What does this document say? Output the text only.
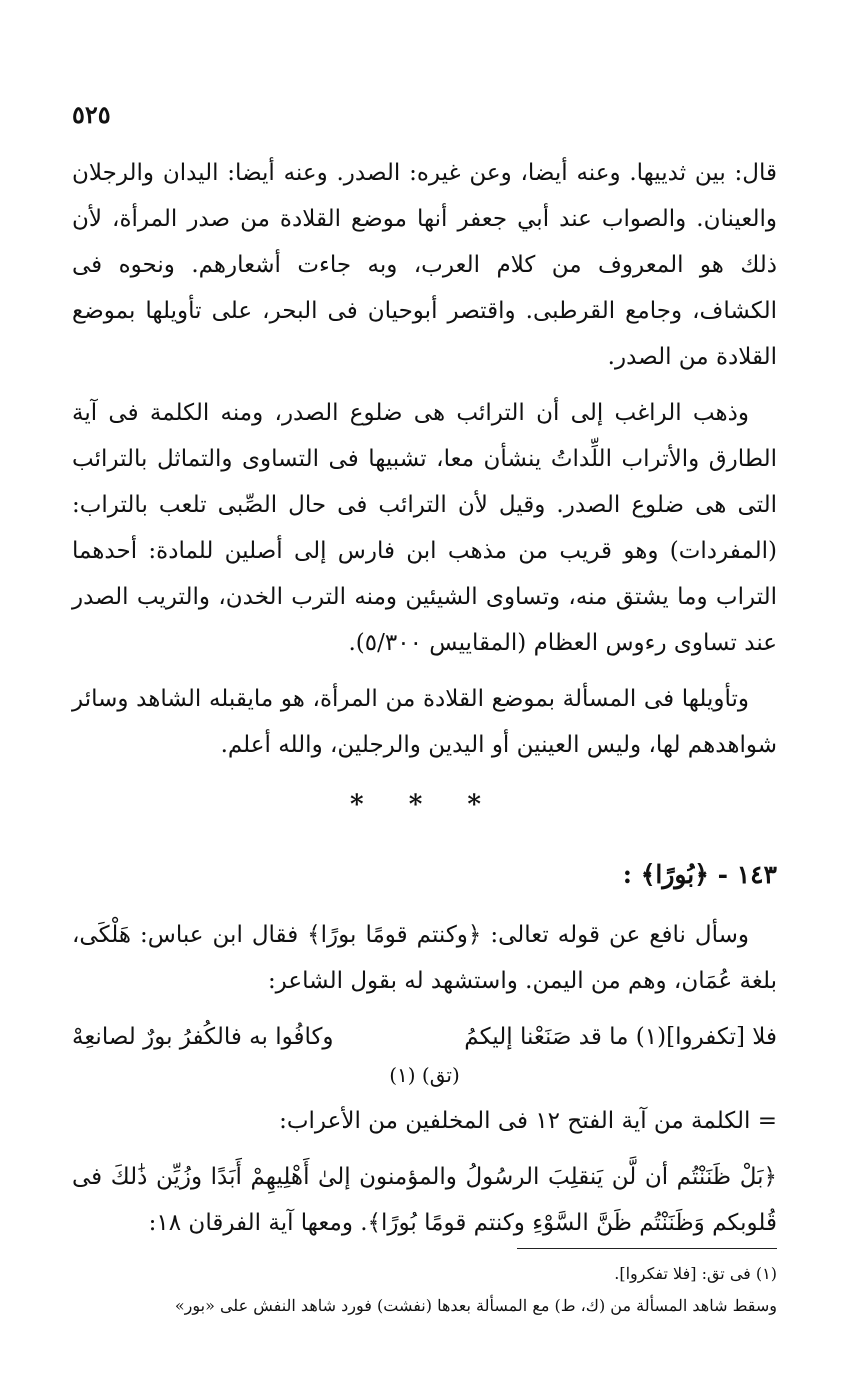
٥٢٥

قال: بين ثدييها. وعنه أيضا، وعن غيره: الصدر. وعنه أيضا: اليدان والرجلان والعينان. والصواب عند أبي جعفر أنها موضع القلادة من صدر المرأة، لأن ذلك هو المعروف من كلام العرب، وبه جاءت أشعارهم. ونحوه فى الكشاف، وجامع القرطبى. واقتصر أبوحيان فى البحر، على تأويلها بموضع القلادة من الصدر.

وذهب الراغب إلى أن الترائب هى ضلوع الصدر، ومنه الكلمة فى آية الطارق والأتراب اللِّداتُ ينشأن معا، تشبيها فى التساوى والتماثل بالترائب التى هى ضلوع الصدر. وقيل لأن الترائب فى حال الصِّبى تلعب بالتراب: (المفردات) وهو قريب من مذهب ابن فارس إلى أصلين للمادة: أحدهما التراب وما يشتق منه، وتساوى الشيئين ومنه الترب الخدن، والتريب الصدر عند تساوى رءوس العظام (المقاييس ٥/٣٠٠).

وتأويلها فى المسألة بموضع القلادة من المرأة، هو مايقبله الشاهد وسائر شواهدهم لها، وليس العينين أو اليدين والرجلين، والله أعلم.

* * *
١٤٣ - ﴿بُورًا﴾ :

وسأل نافع عن قوله تعالى: ﴿وكنتم قومًا بورًا﴾ فقال ابن عباس: هَلْكَى، بلغة عُمَان، وهم من اليمن. واستشهد له بقول الشاعر:

فلا [تكفروا](١) ما قد صَنَعْنا إليكمُ
وكافُوا به فالكُفرُ بورٌ لصانعِهْ
(تق) (١)

= الكلمة من آية الفتح ١٢ فى المخلفين من الأعراب:

﴿بَلْ ظَنَنْتُم أن لَّن يَنقلِبَ الرسُولُ والمؤمنون إلىٰ أَهْلِيهِمْ أَبَدًا وزُيِّن ذَٰلكَ فى قُلوبكم وَظَنَنْتُم ظَنَّ السَّوْءِ وكنتم قومًا بُورًا﴾. ومعها آية الفرقان ١٨:

(١) فى تق: [فلا تفكروا].
وسقط شاهد المسألة من (ك، ط) مع المسألة بعدها (نفشت) فورد شاهد النفش على «بور»
